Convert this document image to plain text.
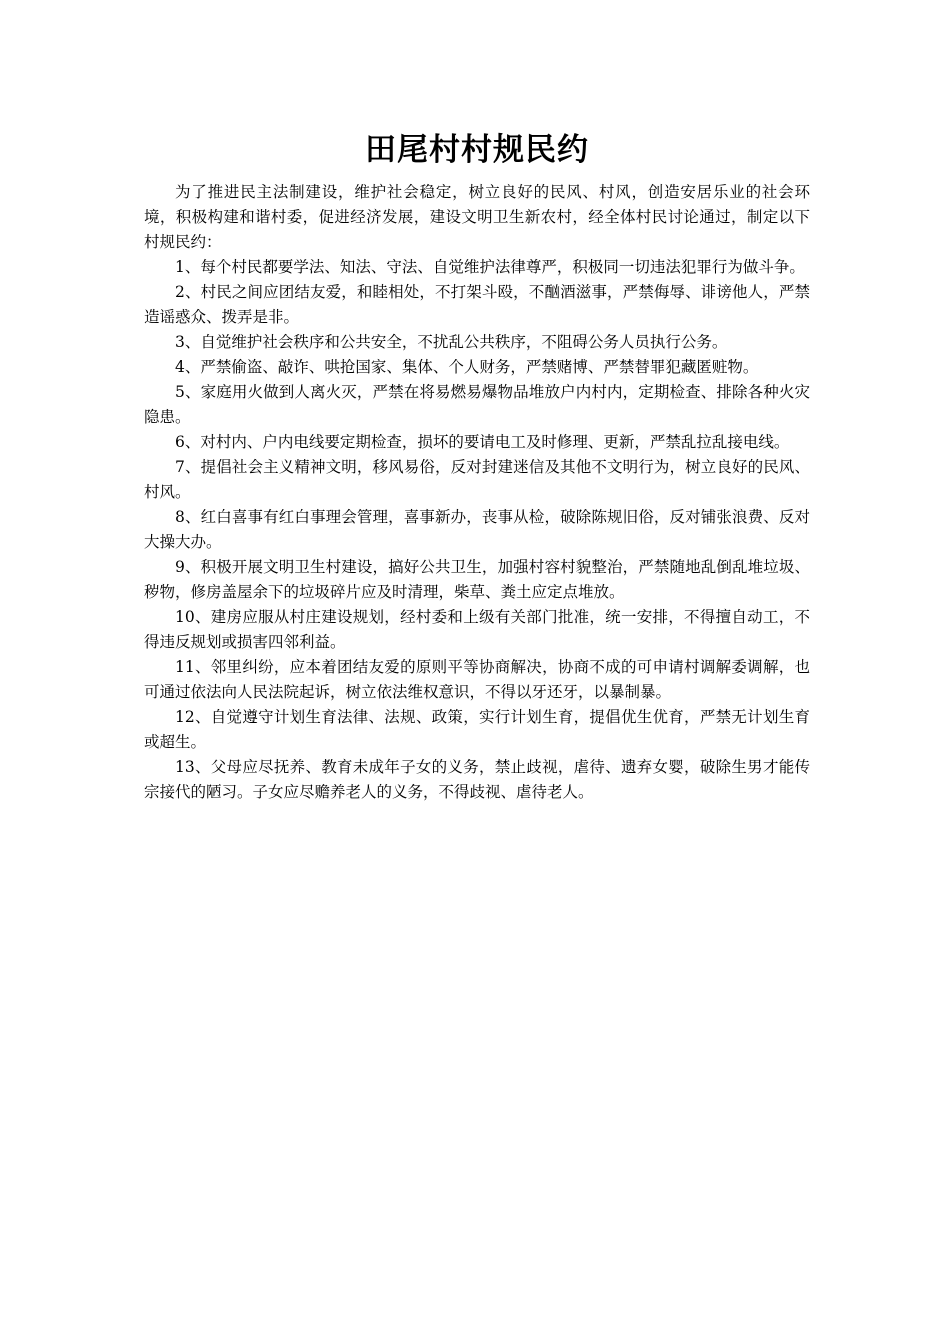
田尾村村规民约

为了推进民主法制建设，维护社会稳定，树立良好的民风、村风，创造安居乐业的社会环境，积极构建和谐村委，促进经济发展，建设文明卫生新农村，经全体村民讨论通过，制定以下村规民约：

1、每个村民都要学法、知法、守法、自觉维护法律尊严，积极同一切违法犯罪行为做斗争。

2、村民之间应团结友爱，和睦相处，不打架斗殴，不酗酒滋事，严禁侮辱、诽谤他人，严禁造谣惑众、拨弄是非。

3、自觉维护社会秩序和公共安全，不扰乱公共秩序，不阻碍公务人员执行公务。

4、严禁偷盗、敲诈、哄抢国家、集体、个人财务，严禁赌博、严禁替罪犯藏匿赃物。

5、家庭用火做到人离火灭，严禁在将易燃易爆物品堆放户内村内，定期检查、排除各种火灾隐患。

6、对村内、户内电线要定期检查，损坏的要请电工及时修理、更新，严禁乱拉乱接电线。

7、提倡社会主义精神文明，移风易俗，反对封建迷信及其他不文明行为，树立良好的民风、村风。

8、红白喜事有红白事理会管理，喜事新办，丧事从检，破除陈规旧俗，反对铺张浪费、反对大操大办。

9、积极开展文明卫生村建设，搞好公共卫生，加强村容村貌整治，严禁随地乱倒乱堆垃圾、秽物，修房盖屋余下的垃圾碎片应及时清理，柴草、粪土应定点堆放。

10、建房应服从村庄建设规划，经村委和上级有关部门批准，统一安排，不得擅自动工，不得违反规划或损害四邻利益。

11、邻里纠纷，应本着团结友爱的原则平等协商解决，协商不成的可申请村调解委调解，也可通过依法向人民法院起诉，树立依法维权意识，不得以牙还牙，以暴制暴。

12、自觉遵守计划生育法律、法规、政策，实行计划生育，提倡优生优育，严禁无计划生育或超生。

13、父母应尽抚养、教育未成年子女的义务，禁止歧视，虐待、遗弃女婴，破除生男才能传宗接代的陋习。子女应尽赡养老人的义务，不得歧视、虐待老人。
